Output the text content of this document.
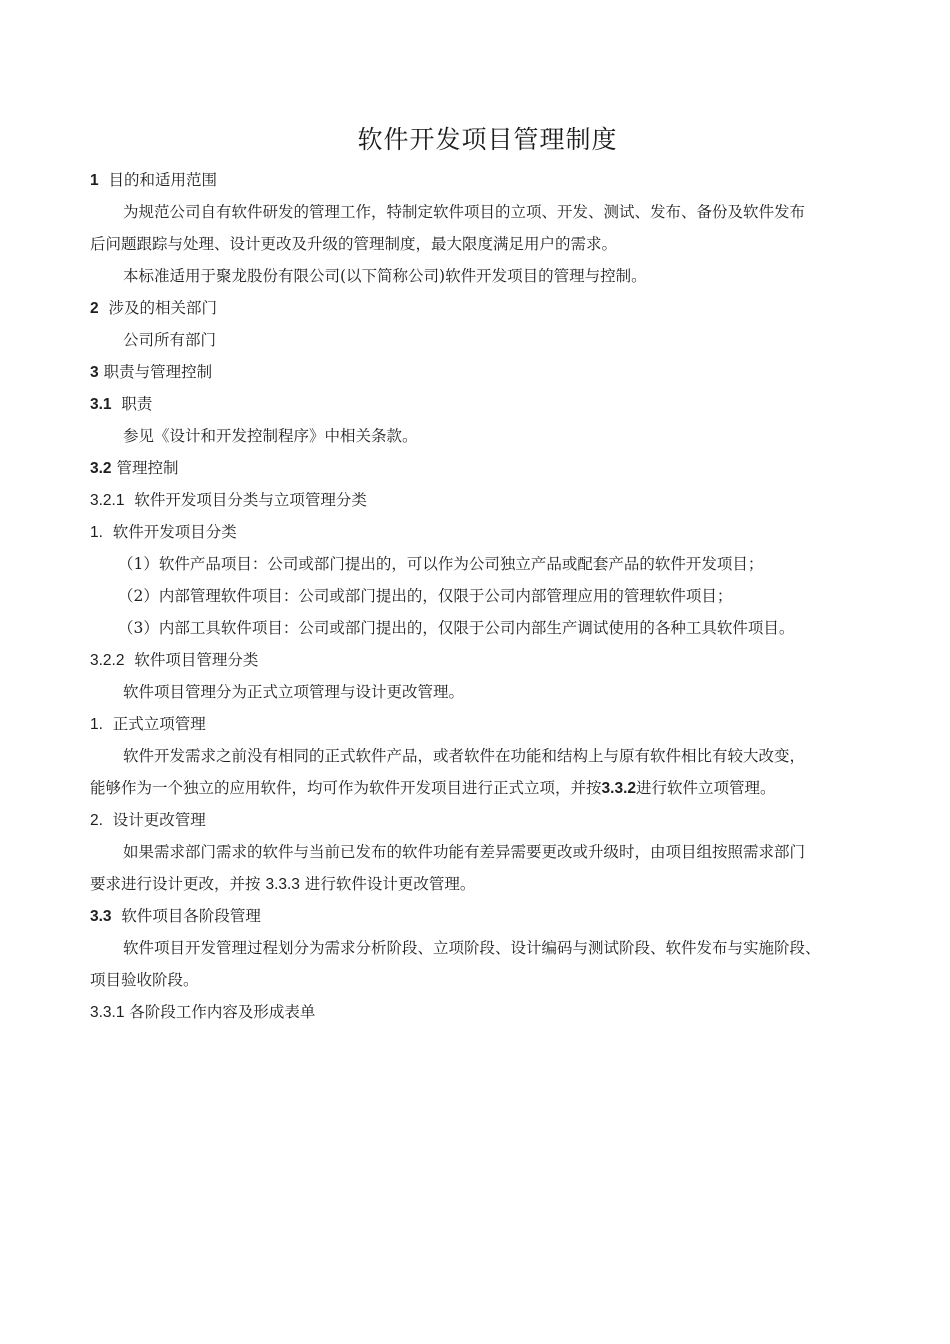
软件开发项目管理制度
1 目的和适用范围
为规范公司自有软件研发的管理工作，特制定软件项目的立项、开发、测试、发布、备份及软件发布
后问题跟踪与处理、设计更改及升级的管理制度，最大限度满足用户的需求。
本标准适用于聚龙股份有限公司(以下简称公司)软件开发项目的管理与控制。
2 涉及的相关部门
公司所有部门
3 职责与管理控制
3.1 职责
参见《设计和开发控制程序》中相关条款。
3.2 管理控制
3.2.1 软件开发项目分类与立项管理分类
1. 软件开发项目分类
（1）软件产品项目：公司或部门提出的，可以作为公司独立产品或配套产品的软件开发项目；
（2）内部管理软件项目：公司或部门提出的，仅限于公司内部管理应用的管理软件项目；
（3）内部工具软件项目：公司或部门提出的，仅限于公司内部生产调试使用的各种工具软件项目。
3.2.2 软件项目管理分类
软件项目管理分为正式立项管理与设计更改管理。
1. 正式立项管理
软件开发需求之前没有相同的正式软件产品，或者软件在功能和结构上与原有软件相比有较大改变，
能够作为一个独立的应用软件，均可作为软件开发项目进行正式立项，并按3.3.2进行软件立项管理。
2. 设计更改管理
如果需求部门需求的软件与当前已发布的软件功能有差异需要更改或升级时，由项目组按照需求部门
要求进行设计更改，并按 3.3.3 进行软件设计更改管理。
3.3 软件项目各阶段管理
软件项目开发管理过程划分为需求分析阶段、立项阶段、设计编码与测试阶段、软件发布与实施阶段、
项目验收阶段。
3.3.1 各阶段工作内容及形成表单
